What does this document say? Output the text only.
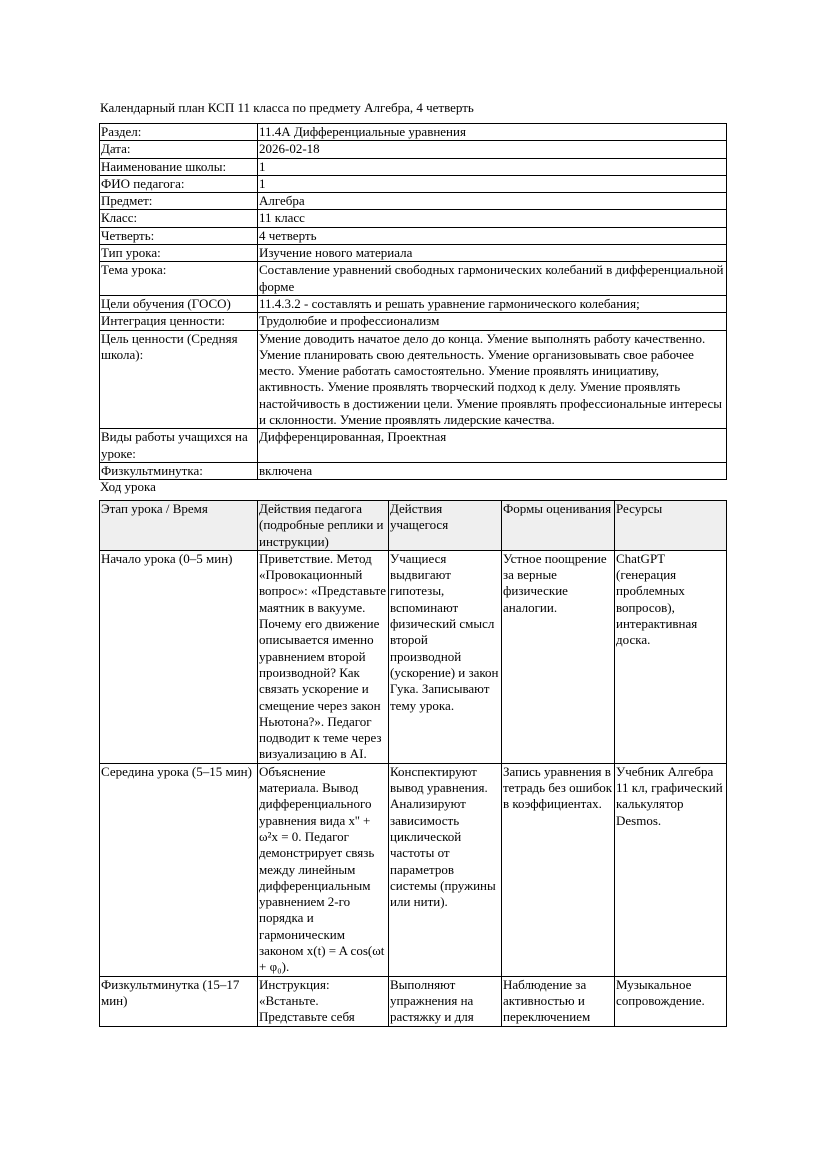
Календарный план КСП 11 класса по предмету Алгебра, 4 четверть
Раздел:	11.4А Дифференциальные уравнения
Дата:	2026-02-18
Наименование школы:	1
ФИО педагога:	1
Предмет:	Алгебра
Класс:	11 класс
Четверть:	4 четверть
Тип урока:	Изучение нового материала
Тема урока:	Составление уравнений свободных гармонических колебаний в дифференциальной форме
Цели обучения (ГОСО)	11.4.3.2 - составлять и решать уравнение гармонического колебания;
Интеграция ценности:	Трудолюбие и профессионализм
Цель ценности (Средняя школа):	Умение доводить начатое дело до конца. Умение выполнять работу качественно. Умение планировать свою деятельность. Умение организовывать свое рабочее место. Умение работать самостоятельно. Умение проявлять инициативу, активность. Умение проявлять творческий подход к делу. Умение проявлять настойчивость в достижении цели. Умение проявлять профессиональные интересы и склонности. Умение проявлять лидерские качества.
Виды работы учащихся на уроке:	Дифференцированная, Проектная
Физкультминутка:	включена
Ход урока
Этап урока / Время	Действия педагога (подробные реплики и инструкции)	Действия учащегося	Формы оценивания	Ресурсы
Начало урока (0–5 мин)	Приветствие. Метод «Провокационный вопрос»: «Представьте маятник в вакууме. Почему его движение описывается именно уравнением второй производной? Как связать ускорение и смещение через закон Ньютона?». Педагог подводит к теме через визуализацию в AI.	Учащиеся выдвигают гипотезы, вспоминают физический смысл второй производной (ускорение) и закон Гука. Записывают тему урока.	Устное поощрение за верные физические аналогии.	ChatGPT (генерация проблемных вопросов), интерактивная доска.
Середина урока (5–15 мин)	Объяснение материала. Вывод дифференциального уравнения вида x'' + ω²x = 0. Педагог демонстрирует связь между линейным дифференциальным уравнением 2-го порядка и гармоническим законом x(t) = A cos(ωt + φ₀).	Конспектируют вывод уравнения. Анализируют зависимость циклической частоты от параметров системы (пружины или нити).	Запись уравнения в тетрадь без ошибок в коэффициентах.	Учебник Алгебра 11 кл, графический калькулятор Desmos.
Физкультминутка (15–17 мин)	Инструкция: «Встаньте. Представьте себя	Выполняют упражнения на растяжку и для	Наблюдение за активностью и переключением	Музыкальное сопровождение.
